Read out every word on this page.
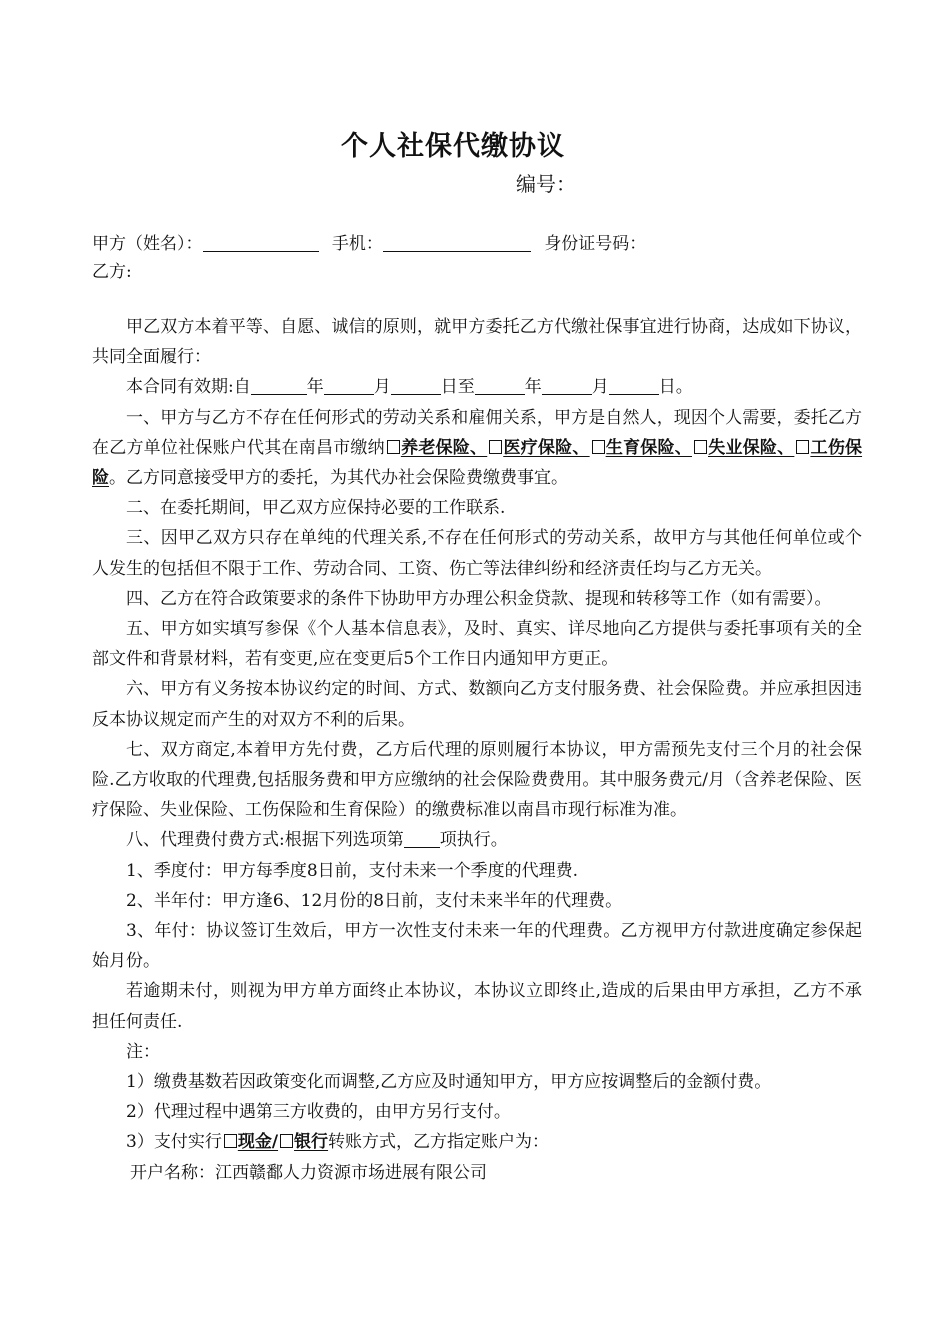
个人社保代缴协议
编号：
甲方（姓名）：	手机：	身份证号码：
乙方:

甲乙双方本着平等、自愿、诚信的原则，就甲方委托乙方代缴社保事宜进行协商，达成如下协议，共同全面履行：

本合同有效期:自	年	月	日至	年	月	日。

一、甲方与乙方不存在任何形式的劳动关系和雇佣关系，甲方是自然人，现因个人需要，委托乙方在乙方单位社保账户代其在南昌市缴纳 养老保险、 医疗保险、 生育保险、 失业保险、 工伤保险。乙方同意接受甲方的委托，为其代办社会保险费缴费事宜。

二、在委托期间，甲乙双方应保持必要的工作联系.

三、因甲乙双方只存在单纯的代理关系,不存在任何形式的劳动关系，故甲方与其他任何单位或个人发生的包括但不限于工作、劳动合同、工资、伤亡等法律纠纷和经济责任均与乙方无关。

四、乙方在符合政策要求的条件下协助甲方办理公积金贷款、提现和转移等工作（如有需要）。

五、甲方如实填写参保《个人基本信息表》，及时、真实、详尽地向乙方提供与委托事项有关的全部文件和背景材料，若有变更,应在变更后5个工作日内通知甲方更正。

六、甲方有义务按本协议约定的时间、方式、数额向乙方支付服务费、社会保险费。并应承担因违反本协议规定而产生的对双方不利的后果。

七、双方商定,本着甲方先付费，乙方后代理的原则履行本协议，甲方需预先支付三个月的社会保险.乙方收取的代理费,包括服务费和甲方应缴纳的社会保险费费用。其中服务费元/月（含养老保险、医疗保险、失业保险、工伤保险和生育保险）的缴费标准以南昌市现行标准为准。

八、代理费付费方式:根据下列选项第 项执行。

1、季度付：甲方每季度8日前，支付未来一个季度的代理费.

2、半年付：甲方逢6、12月份的8日前，支付未来半年的代理费。

3、年付：协议签订生效后，甲方一次性支付未来一年的代理费。乙方视甲方付款进度确定参保起始月份。

若逾期未付，则视为甲方单方面终止本协议，本协议立即终止,造成的后果由甲方承担，乙方不承担任何责任.

注：

1）缴费基数若因政策变化而调整,乙方应及时通知甲方，甲方应按调整后的金额付费。

2）代理过程中遇第三方收费的，由甲方另行支付。

3）支付实行 现金/ 银行转账方式，乙方指定账户为：

开户名称：江西赣鄱人力资源市场进展有限公司
